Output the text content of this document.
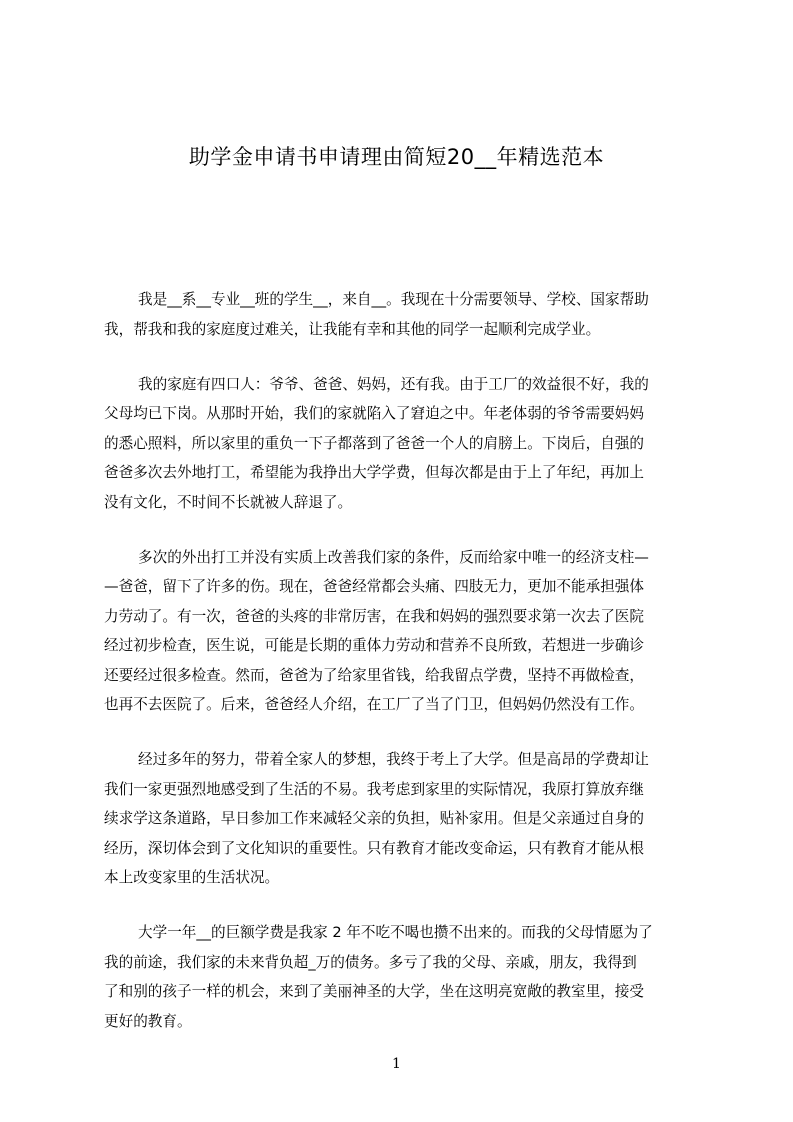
助学金申请书申请理由简短20__年精选范本
我是__系__专业__班的学生__，来自__。我现在十分需要领导、学校、国家帮助
我，帮我和我的家庭度过难关，让我能有幸和其他的同学一起顺利完成学业。
我的家庭有四口人：爷爷、爸爸、妈妈，还有我。由于工厂的效益很不好，我的
父母均已下岗。从那时开始，我们的家就陷入了窘迫之中。年老体弱的爷爷需要妈妈
的悉心照料，所以家里的重负一下子都落到了爸爸一个人的肩膀上。下岗后，自强的
爸爸多次去外地打工，希望能为我挣出大学学费，但每次都是由于上了年纪，再加上
没有文化，不时间不长就被人辞退了。
多次的外出打工并没有实质上改善我们家的条件，反而给家中唯一的经济支柱—
—爸爸，留下了许多的伤。现在，爸爸经常都会头痛、四肢无力，更加不能承担强体
力劳动了。有一次，爸爸的头疼的非常厉害，在我和妈妈的强烈要求第一次去了医院
经过初步检查，医生说，可能是长期的重体力劳动和营养不良所致，若想进一步确诊
还要经过很多检查。然而，爸爸为了给家里省钱，给我留点学费，坚持不再做检查，
也再不去医院了。后来，爸爸经人介绍，在工厂了当了门卫，但妈妈仍然没有工作。
经过多年的努力，带着全家人的梦想，我终于考上了大学。但是高昂的学费却让
我们一家更强烈地感受到了生活的不易。我考虑到家里的实际情况，我原打算放弃继
续求学这条道路，早日参加工作来减轻父亲的负担，贴补家用。但是父亲通过自身的
经历，深切体会到了文化知识的重要性。只有教育才能改变命运，只有教育才能从根
本上改变家里的生活状况。
大学一年__的巨额学费是我家 2 年不吃不喝也攒不出来的。而我的父母情愿为了
我的前途，我们家的未来背负超_万的债务。多亏了我的父母、亲戚，朋友，我得到
了和别的孩子一样的机会，来到了美丽神圣的大学，坐在这明亮宽敞的教室里，接受
更好的教育。
1
